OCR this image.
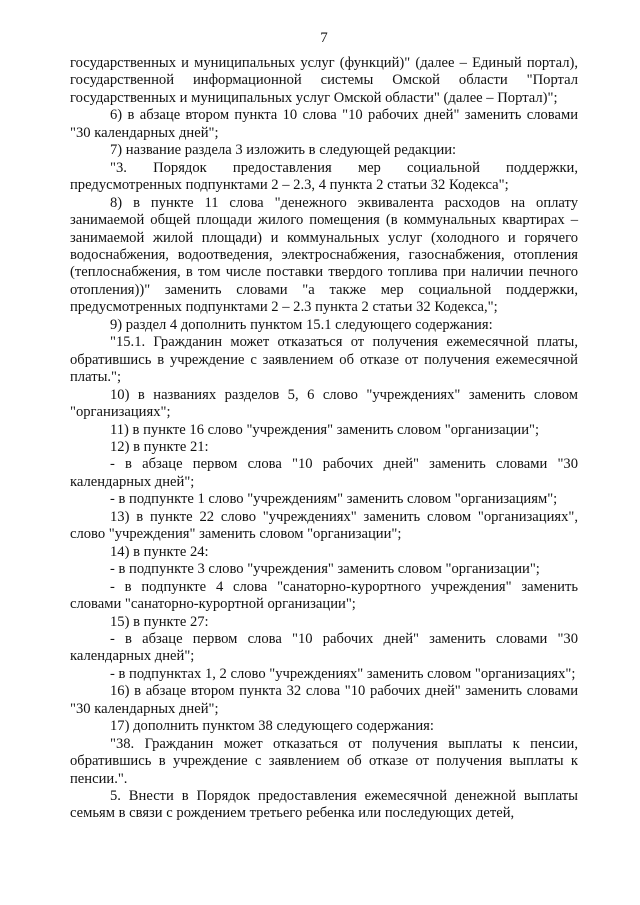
7

государственных и муниципальных услуг (функций)" (далее – Единый портал), государственной информационной системы Омской области "Портал государственных и муниципальных услуг Омской области" (далее – Портал)";

6) в абзаце втором пункта 10 слова "10 рабочих дней" заменить словами "30 календарных дней";

7) название раздела 3 изложить в следующей редакции:

"3. Порядок предоставления мер социальной поддержки, предусмотренных подпунктами 2 – 2.3, 4 пункта 2 статьи 32 Кодекса";

8) в пункте 11 слова "денежного эквивалента расходов на оплату занимаемой общей площади жилого помещения (в коммунальных квартирах – занимаемой жилой площади) и коммунальных услуг (холодного и горячего водоснабжения, водоотведения, электроснабжения, газоснабжения, отопления (теплоснабжения, в том числе поставки твердого топлива при наличии печного отопления))" заменить словами "а также мер социальной поддержки, предусмотренных подпунктами 2 – 2.3 пункта 2 статьи 32 Кодекса,";

9) раздел 4 дополнить пунктом 15.1 следующего содержания:

"15.1. Гражданин может отказаться от получения ежемесячной платы, обратившись в учреждение с заявлением об отказе от получения ежемесячной платы.";

10) в названиях разделов 5, 6 слово "учреждениях" заменить словом "организациях";

11) в пункте 16 слово "учреждения" заменить словом "организации";

12) в пункте 21:

- в абзаце первом слова "10 рабочих дней" заменить словами "30 календарных дней";

- в подпункте 1 слово "учреждениям" заменить словом "организациям";

13) в пункте 22 слово "учреждениях" заменить словом "организациях", слово "учреждения" заменить словом "организации";

14) в пункте 24:

- в подпункте 3 слово "учреждения" заменить словом "организации";

- в подпункте 4 слова "санаторно-курортного учреждения" заменить словами "санаторно-курортной организации";

15) в пункте 27:

- в абзаце первом слова "10 рабочих дней" заменить словами "30 календарных дней";

- в подпунктах 1, 2 слово "учреждениях" заменить словом "организациях";

16) в абзаце втором пункта 32 слова "10 рабочих дней" заменить словами "30 календарных дней";

17) дополнить пунктом 38 следующего содержания:

"38. Гражданин может отказаться от получения выплаты к пенсии, обратившись в учреждение с заявлением об отказе от получения выплаты к пенсии.".

5. Внести в Порядок предоставления ежемесячной денежной выплаты семьям в связи с рождением третьего ребенка или последующих детей,
